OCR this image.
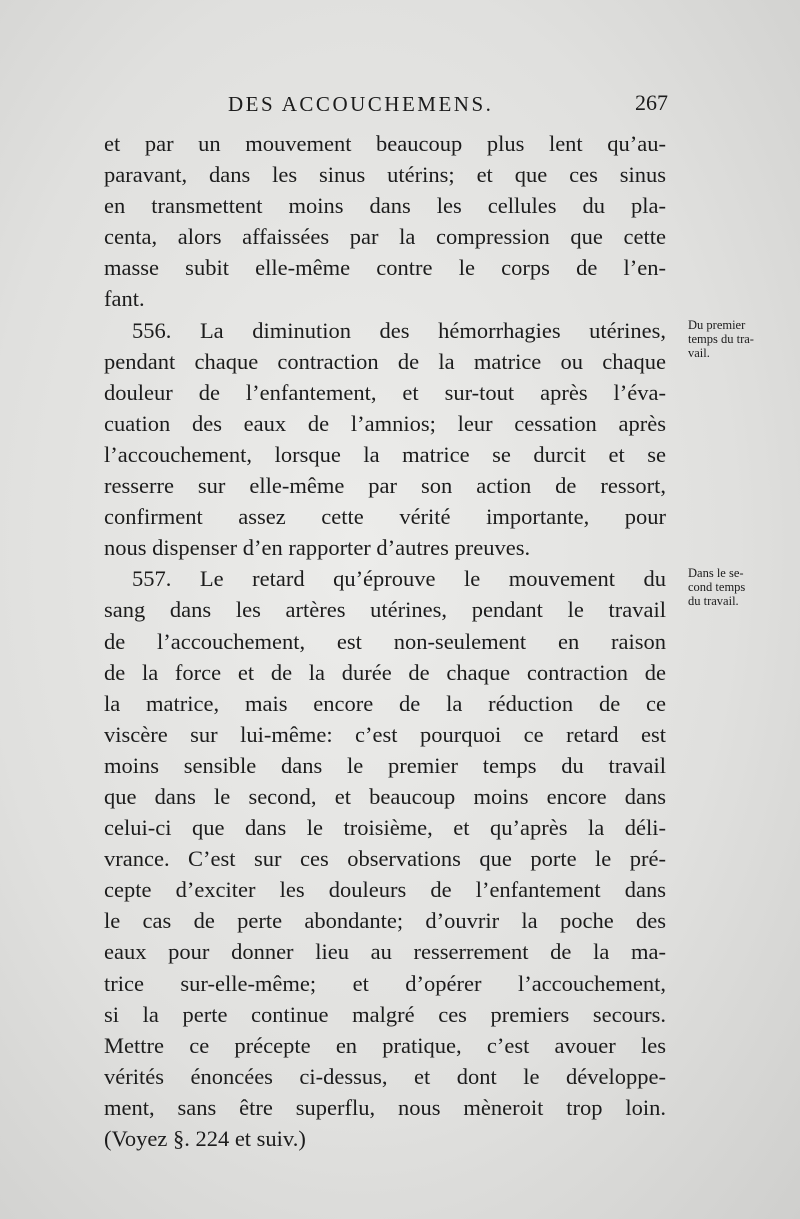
DES ACCOUCHEMENS.	267
et par un mouvement beaucoup plus lent qu’au-
paravant, dans les sinus utérins; et que ces sinus
en transmettent moins dans les cellules du pla-
centa, alors affaissées par la compression que cette
masse subit elle-même contre le corps de l’en-
fant.
556. La diminution des hémorrhagies utérines,
pendant chaque contraction de la matrice ou chaque
douleur de l’enfantement, et sur-tout après l’éva-
cuation des eaux de l’amnios; leur cessation après
l’accouchement, lorsque la matrice se durcit et se
resserre sur elle-même par son action de ressort,
confirment assez cette vérité importante, pour
nous dispenser d’en rapporter d’autres preuves.
557. Le retard qu’éprouve le mouvement du
sang dans les artères utérines, pendant le travail
de l’accouchement, est non-seulement en raison
de la force et de la durée de chaque contraction de
la matrice, mais encore de la réduction de ce
viscère sur lui-même: c’est pourquoi ce retard est
moins sensible dans le premier temps du travail
que dans le second, et beaucoup moins encore dans
celui-ci que dans le troisième, et qu’après la déli-
vrance. C’est sur ces observations que porte le pré-
cepte d’exciter les douleurs de l’enfantement dans
le cas de perte abondante; d’ouvrir la poche des
eaux pour donner lieu au resserrement de la ma-
trice sur-elle-même; et d’opérer l’accouchement,
si la perte continue malgré ces premiers secours.
Mettre ce précepte en pratique, c’est avouer les
vérités énoncées ci-dessus, et dont le développe-
ment, sans être superflu, nous mèneroit trop loin.
(Voyez §. 224 et suiv.)
Du premier
temps du tra-
vail.
Dans le se-
cond temps
du travail.
